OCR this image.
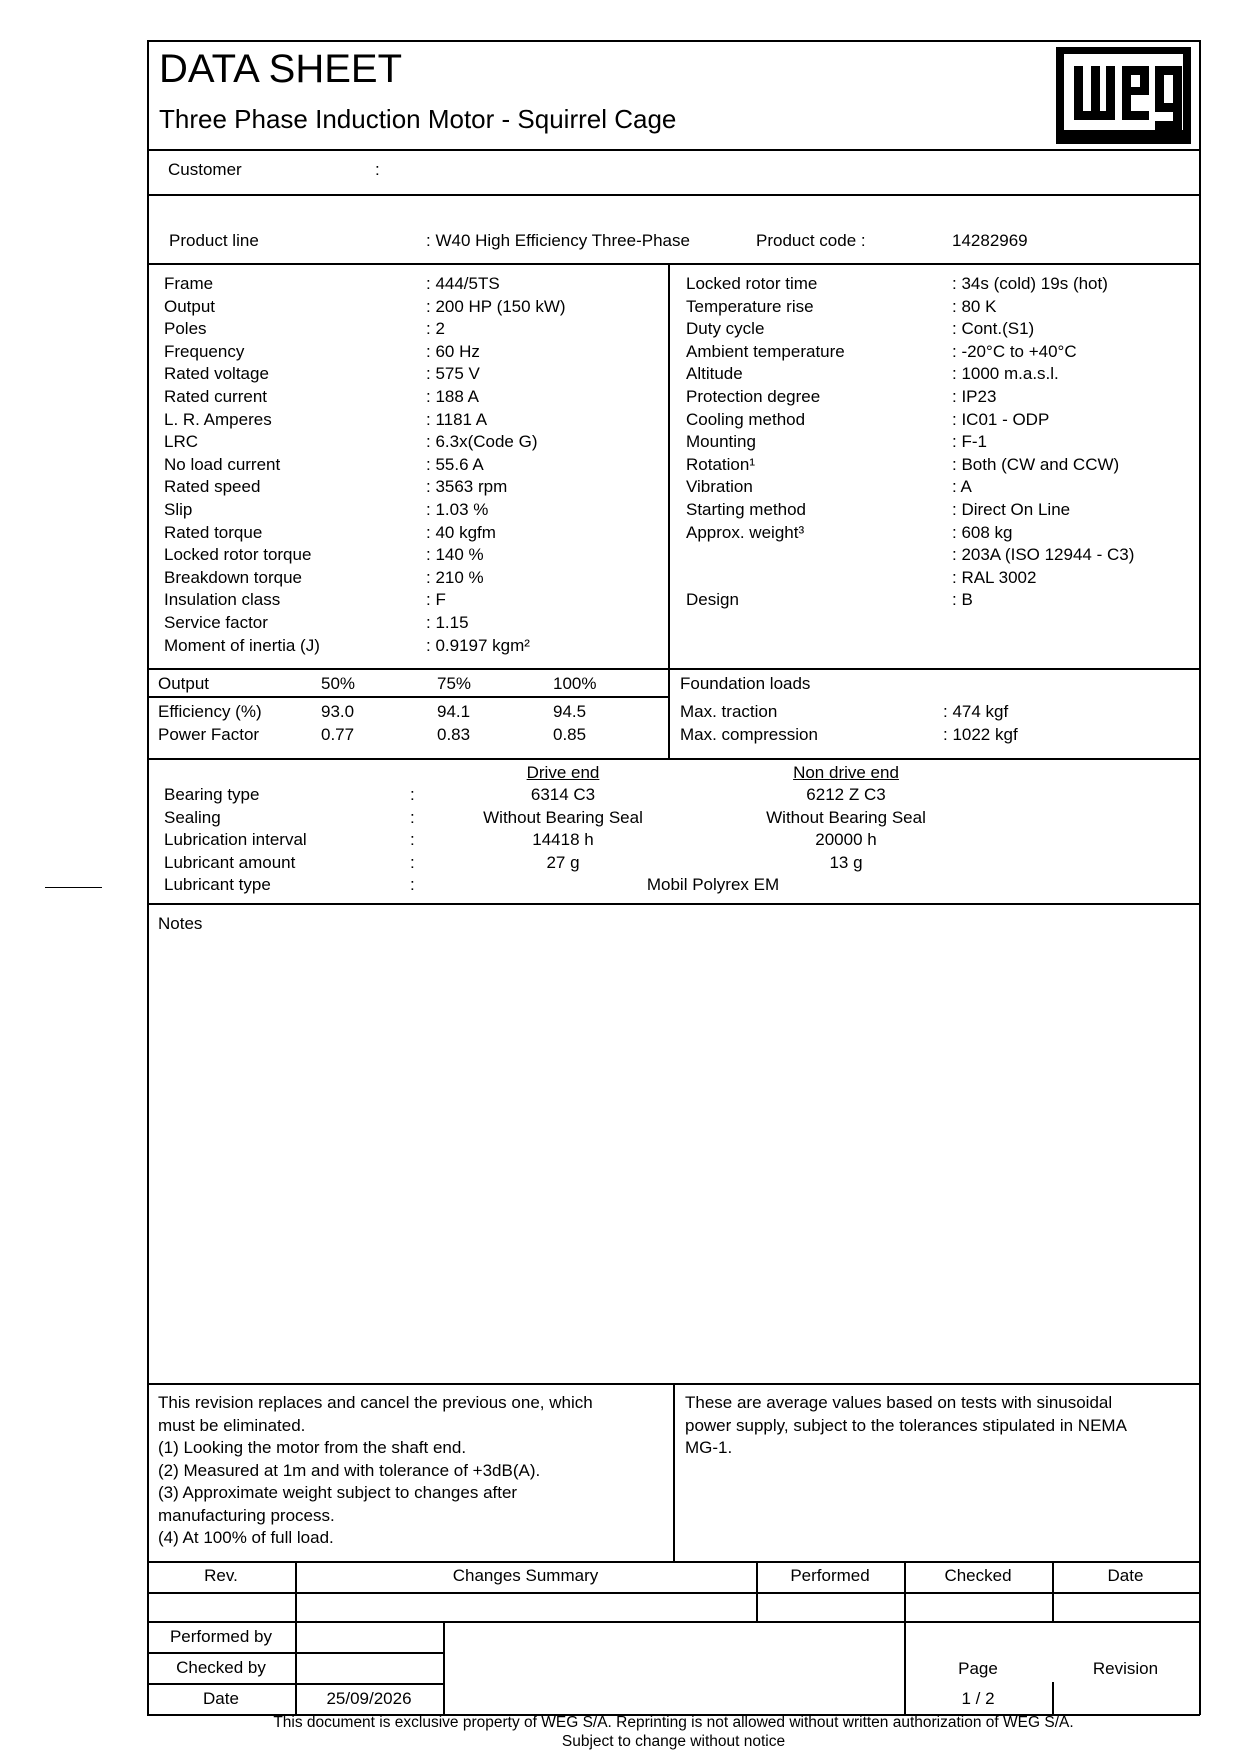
DATA SHEET
Three Phase Induction Motor - Squirrel Cage
Customer	:
Product line	: W40 High Efficiency Three-Phase	Product code :	14282969
Frame	: 444/5TS
Output	: 200 HP (150 kW)
Poles	: 2
Frequency	: 60 Hz
Rated voltage	: 575 V
Rated current	: 188 A
L. R. Amperes	: 1181 A
LRC	: 6.3x(Code G)
No load current	: 55.6 A
Rated speed	: 3563 rpm
Slip	: 1.03 %
Rated torque	: 40 kgfm
Locked rotor torque	: 140 %
Breakdown torque	: 210 %
Insulation class	: F
Service factor	: 1.15
Moment of inertia (J)	: 0.9197 kgm²
Locked rotor time	: 34s (cold) 19s (hot)
Temperature rise	: 80 K
Duty cycle	: Cont.(S1)
Ambient temperature	: -20°C to +40°C
Altitude	: 1000 m.a.s.l.
Protection degree	: IP23
Cooling method	: IC01 - ODP
Mounting	: F-1
Rotation¹	: Both (CW and CCW)
Vibration	: A
Starting method	: Direct On Line
Approx. weight³	: 608 kg
: 203A (ISO 12944 - C3)
: RAL 3002
Design	: B
Output	50%	75%	100%
Efficiency (%)	93.0	94.1	94.5
Power Factor	0.77	0.83	0.85
Foundation loads
Max. traction	: 474 kgf
Max. compression	: 1022 kgf
Drive end	Non drive end
Bearing type	:	6314 C3	6212 Z C3
Sealing	:	Without Bearing Seal	Without Bearing Seal
Lubrication interval	:	14418 h	20000 h
Lubricant amount	:	27 g	13 g
Lubricant type	:	Mobil Polyrex EM
Notes
This revision replaces and cancel the previous one, which
must be eliminated.
(1) Looking the motor from the shaft end.
(2) Measured at 1m and with tolerance of +3dB(A).
(3) Approximate weight subject to changes after
manufacturing process.
(4) At 100% of full load.
These are average values based on tests with sinusoidal
power supply, subject to the tolerances stipulated in NEMA
MG-1.
Rev.	Changes Summary	Performed	Checked	Date
Performed by
Checked by
Date	25/09/2026
Page
1 / 2
Revision
This document is exclusive property of WEG S/A. Reprinting is not allowed without written authorization of WEG S/A.
Subject to change without notice
